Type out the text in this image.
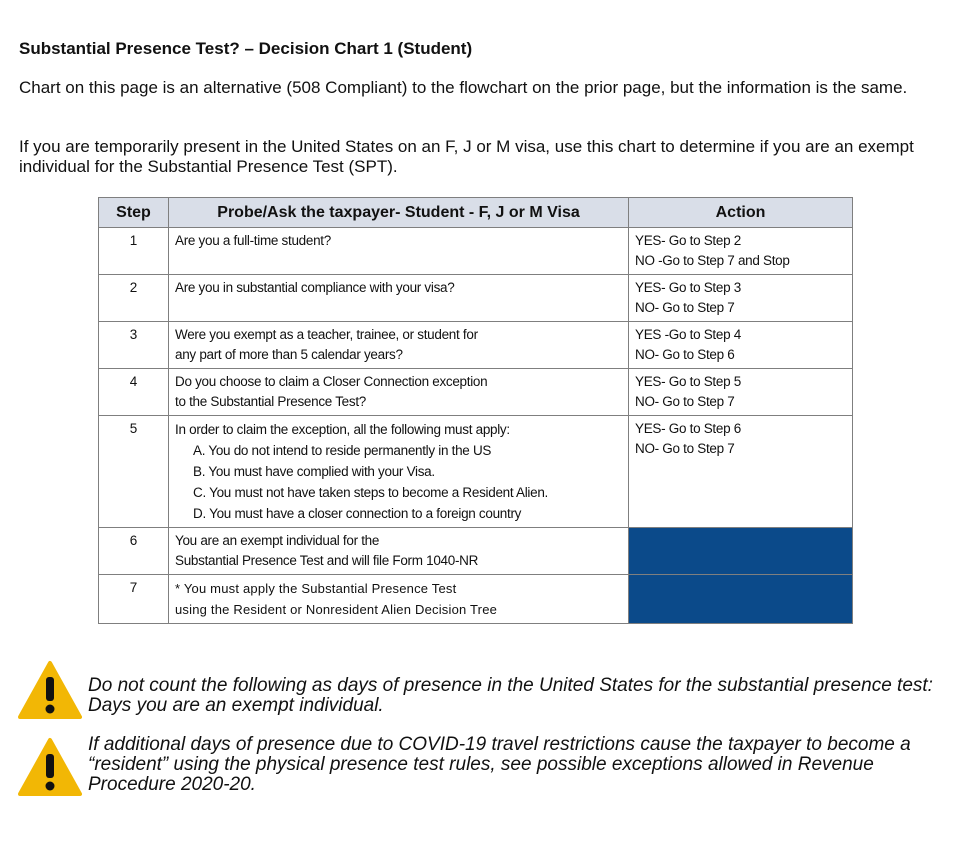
Substantial Presence Test? – Decision Chart 1 (Student)
Chart on this page is an alternative (508 Compliant) to the flowchart on the prior page, but the information is the same.
If you are temporarily present in the United States on an F, J or M visa, use this chart to determine if you are an exempt individual for the Substantial Presence Test (SPT).
Step	Probe/Ask the taxpayer- Student - F, J or M Visa	Action
1	Are you a full-time student?	YES- Go to Step 2
NO -Go to Step 7 and Stop

2	Are you in substantial compliance with your visa?	YES- Go to Step 3
NO- Go to Step 7

3	Were you exempt as a teacher, trainee, or student for
any part of more than 5 calendar years?	YES -Go to Step 4
NO- Go to Step 6

4	Do you choose to claim a Closer Connection exception
to the Substantial Presence Test?	YES- Go to Step 5
NO- Go to Step 7

5	In order to claim the exception, all the following must apply:
A. You do not intend to reside permanently in the US
B. You must have complied with your Visa.
C. You must not have taken steps to become a Resident Alien.
D. You must have a closer connection to a foreign country	YES- Go to Step 6
NO- Go to Step 7

6	You are an exempt individual for the
Substantial Presence Test and will file Form 1040-NR	

7	* You must apply the Substantial Presence Test
using the Resident or Nonresident Alien Decision Tree	

Do not count the following as days of presence in the United States for the substantial presence test: Days you are an exempt individual.
If additional days of presence due to COVID-19 travel restrictions cause the taxpayer to become a “resident” using the physical presence test rules, see possible exceptions allowed in Revenue Procedure 2020-20.
